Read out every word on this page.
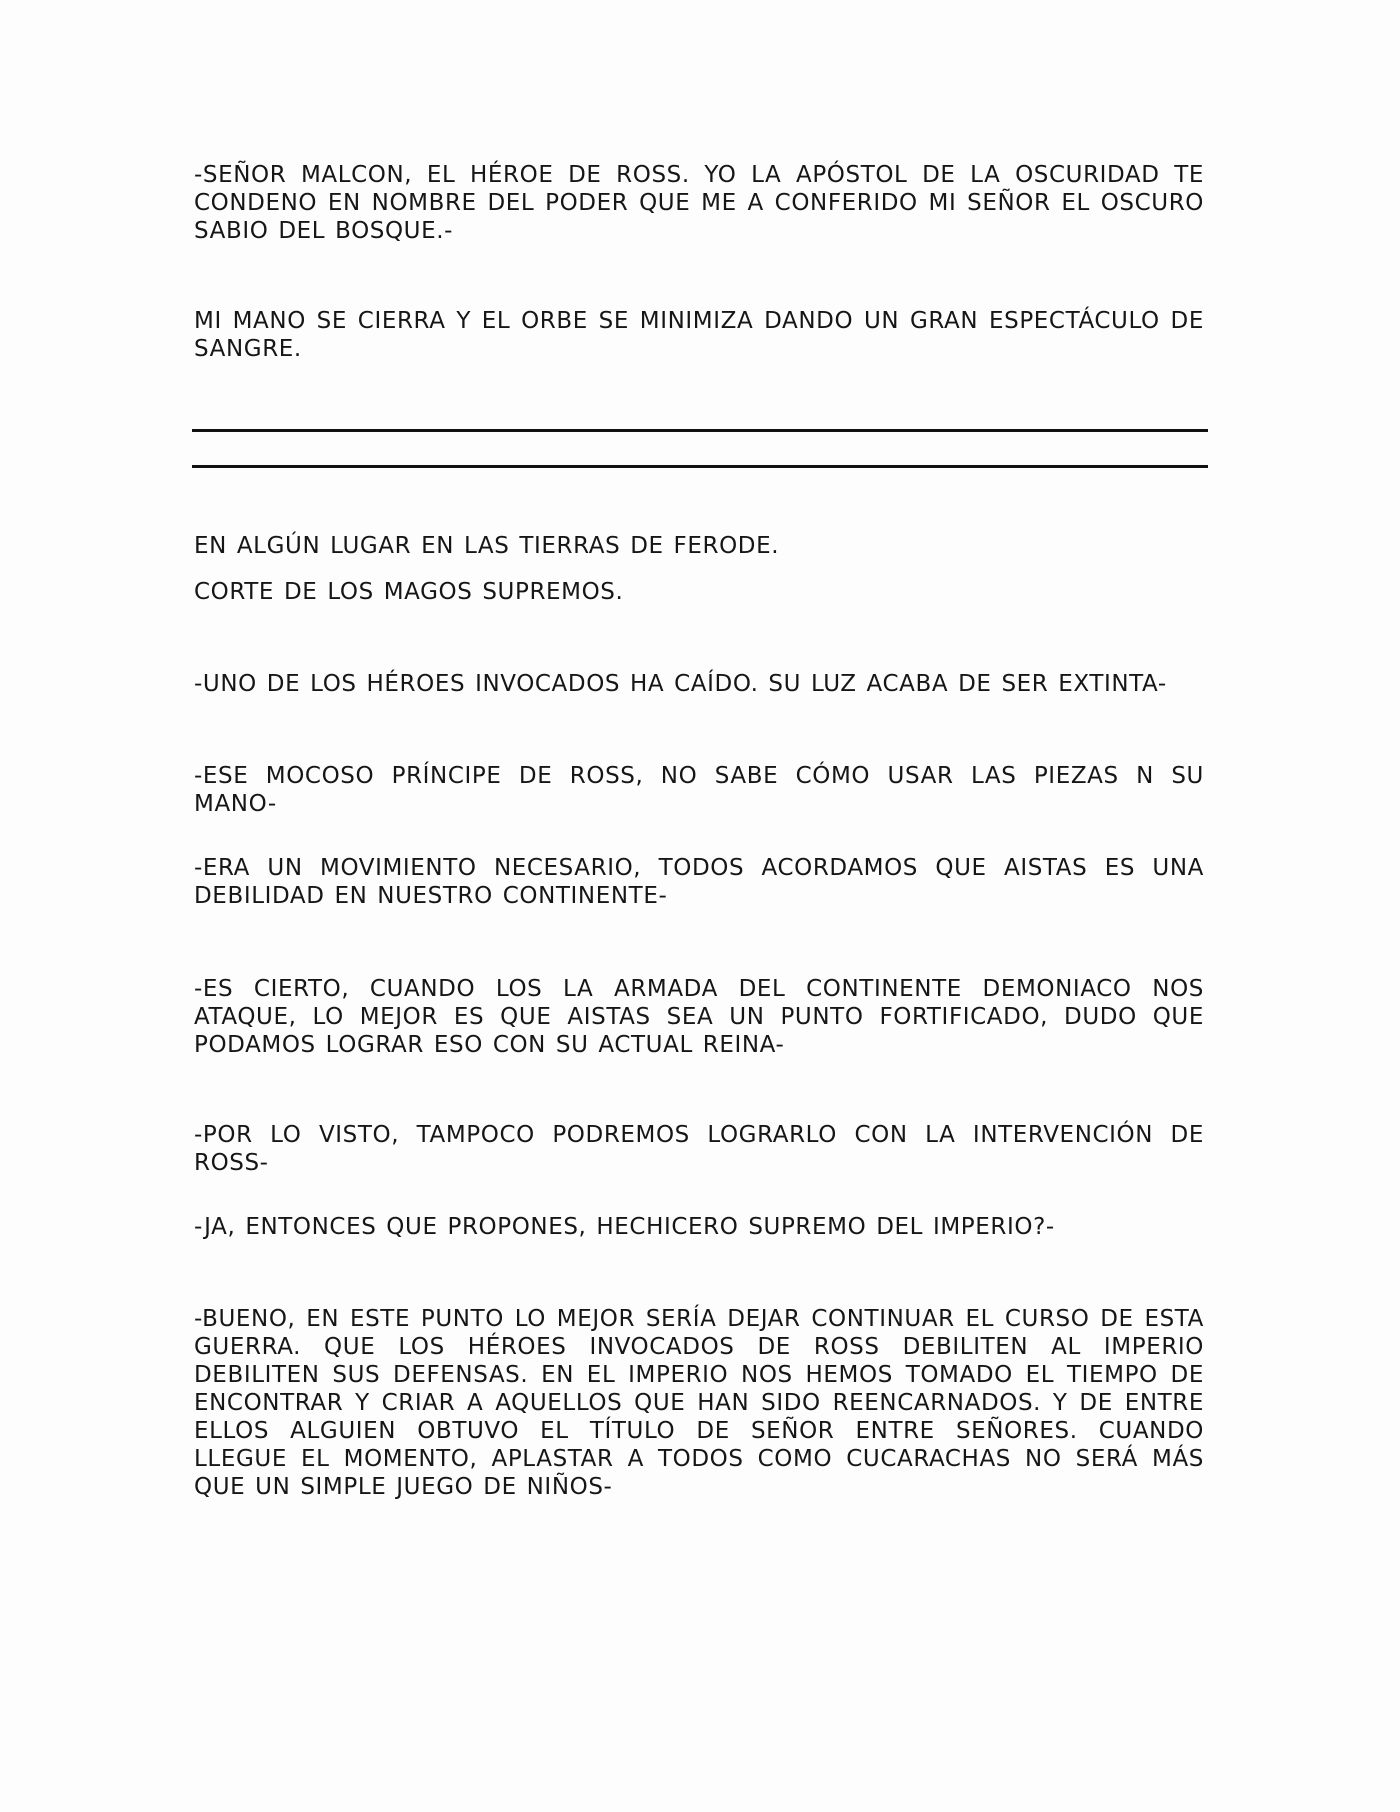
-SEÑOR MALCON, EL HÉROE DE ROSS. YO LA APÓSTOL DE LA OSCURIDAD TE CONDENO EN NOMBRE DEL PODER QUE ME A CONFERIDO MI SEÑOR EL OSCURO SABIO DEL BOSQUE.-

MI MANO SE CIERRA Y EL ORBE SE MINIMIZA DANDO UN GRAN ESPECTÁCULO DE SANGRE.

EN ALGÚN LUGAR EN LAS TIERRAS DE FERODE.

CORTE DE LOS MAGOS SUPREMOS.

-UNO DE LOS HÉROES INVOCADOS HA CAÍDO. SU LUZ ACABA DE SER EXTINTA-

-ESE MOCOSO PRÍNCIPE DE ROSS, NO SABE CÓMO USAR LAS PIEZAS N SU MANO-

-ERA UN MOVIMIENTO NECESARIO, TODOS ACORDAMOS QUE AISTAS ES UNA DEBILIDAD EN NUESTRO CONTINENTE-

-ES CIERTO, CUANDO LOS LA ARMADA DEL CONTINENTE DEMONIACO NOS ATAQUE, LO MEJOR ES QUE AISTAS SEA UN PUNTO FORTIFICADO, DUDO QUE PODAMOS LOGRAR ESO CON SU ACTUAL REINA-

-POR LO VISTO, TAMPOCO PODREMOS LOGRARLO CON LA INTERVENCIÓN DE ROSS-

-JA, ENTONCES QUE PROPONES, HECHICERO SUPREMO DEL IMPERIO?-

-BUENO, EN ESTE PUNTO LO MEJOR SERÍA DEJAR CONTINUAR EL CURSO DE ESTA GUERRA. QUE LOS HÉROES INVOCADOS DE ROSS DEBILITEN AL IMPERIO DEBILITEN SUS DEFENSAS. EN EL IMPERIO NOS HEMOS TOMADO EL TIEMPO DE ENCONTRAR Y CRIAR A AQUELLOS QUE HAN SIDO REENCARNADOS. Y DE ENTRE ELLOS ALGUIEN OBTUVO EL TÍTULO DE SEÑOR ENTRE SEÑORES. CUANDO LLEGUE EL MOMENTO, APLASTAR A TODOS COMO CUCARACHAS NO SERÁ MÁS QUE UN SIMPLE JUEGO DE NIÑOS-
